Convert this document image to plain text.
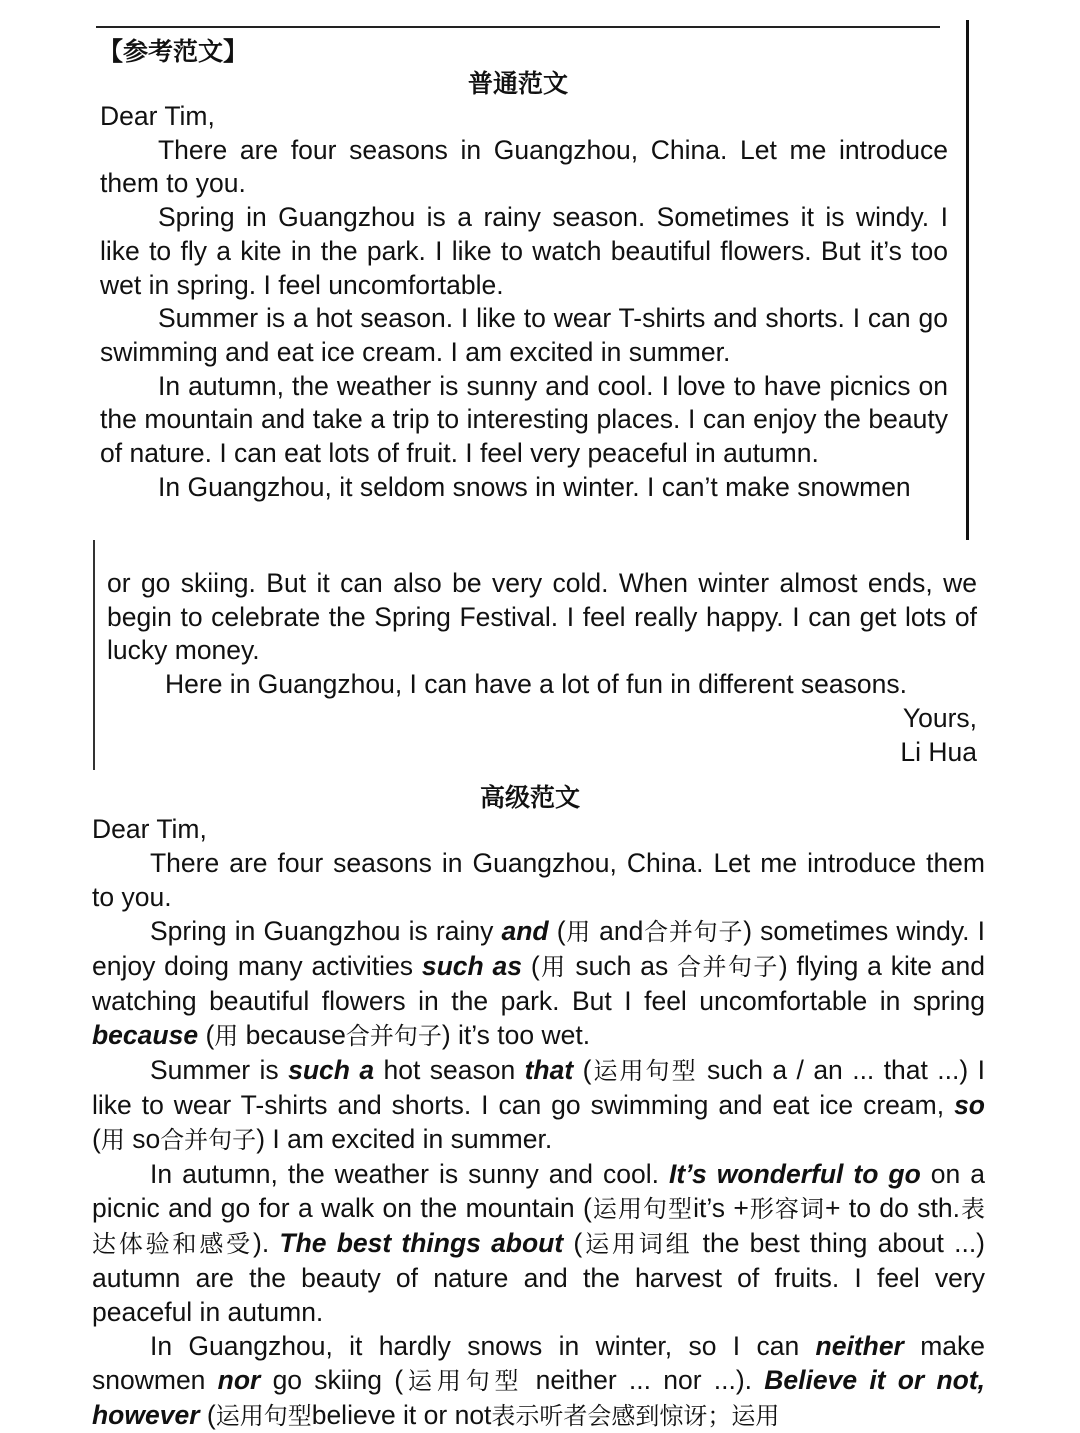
【参考范文】
普通范文

Dear Tim,

There are four seasons in Guangzhou, China. Let me introduce them to you.

Spring in Guangzhou is a rainy season. Sometimes it is windy. I like to fly a kite in the park. I like to watch beautiful flowers. But it’s too wet in spring. I feel uncomfortable.

Summer is a hot season. I like to wear T-shirts and shorts. I can go swimming and eat ice cream. I am excited in summer.

In autumn, the weather is sunny and cool. I love to have picnics on the mountain and take a trip to interesting places. I can enjoy the beauty of nature. I can eat lots of fruit. I feel very peaceful in autumn.

In Guangzhou, it seldom snows in winter. I can’t make snowmen

or go skiing. But it can also be very cold. When winter almost ends, we begin to celebrate the Spring Festival. I feel really happy. I can get lots of lucky money.

Here in Guangzhou, I can have a lot of fun in different seasons.

Yours,

Li Hua

高级范文

Dear Tim,

There are four seasons in Guangzhou, China. Let me introduce them to you.

Spring in Guangzhou is rainy and (用 and合并句子) sometimes windy. I enjoy doing many activities such as (用 such as 合并句子) flying a kite and watching beautiful flowers in the park. But I feel uncomfortable in spring because (用 because合并句子) it’s too wet.

Summer is such a hot season that (运用句型 such a / an ... that ...) I like to wear T-shirts and shorts. I can go swimming and eat ice cream, so (用 so合并句子) I am excited in summer.

In autumn, the weather is sunny and cool. It’s wonderful to go on a picnic and go for a walk on the mountain (运用句型it’s +形容词+ to do sth.表达体验和感受). The best things about (运用词组 the best thing about ...) autumn are the beauty of nature and the harvest of fruits. I feel very peaceful in autumn.

In Guangzhou, it hardly snows in winter, so I can neither make snowmen nor go skiing (运用句型 neither ... nor ...). Believe it or not, however (运用句型believe it or not表示听者会感到惊讶；运用
